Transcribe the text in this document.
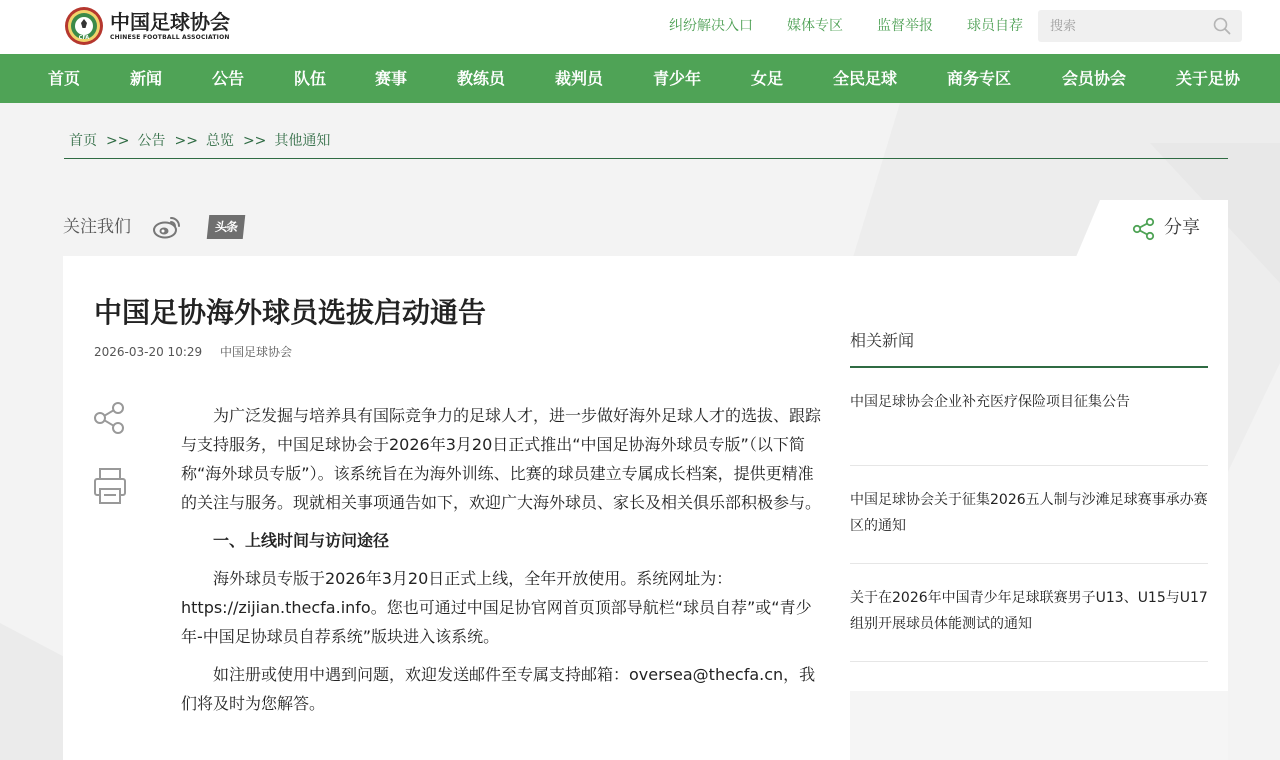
CFA
中国足球协会
CHINESE FOOTBALL ASSOCIATION
纠纷解决入口 媒体专区 监督举报 球员自荐
搜索
首页	新闻	公告	队伍	赛事	教练员	裁判员	青少年	女足	全民足球	商务专区	会员协会	关于足协
首页 >> 公告 >> 总览 >> 其他通知
关注我们	头条	分享
中国足协海外球员选拔启动通告
2026-03-20 10:29 中国足球协会

为广泛发掘与培养具有国际竞争力的足球人才，进一步做好海外足球人才的选拔、跟踪与支持服务，中国足球协会于2026年3月20日正式推出“中国足协海外球员专版”（以下简称“海外球员专版”）。该系统旨在为海外训练、比赛的球员建立专属成长档案，提供更精准的关注与服务。现就相关事项通告如下，欢迎广大海外球员、家长及相关俱乐部积极参与。

一、上线时间与访问途径

海外球员专版于2026年3月20日正式上线，全年开放使用。系统网址为：https://zijian.thecfa.info。您也可通过中国足协官网首页顶部导航栏“球员自荐”或“青少年-中国足协球员自荐系统”版块进入该系统。

如注册或使用中遇到问题，欢迎发送邮件至专属支持邮箱：oversea@thecfa.cn，我们将及时为您解答。

相关新闻
中国足球协会企业补充医疗保险项目征集公告
中国足球协会关于征集2026五人制与沙滩足球赛事承办赛区的通知
关于在2026年中国青少年足球联赛男子U13、U15与U17组别开展球员体能测试的通知
